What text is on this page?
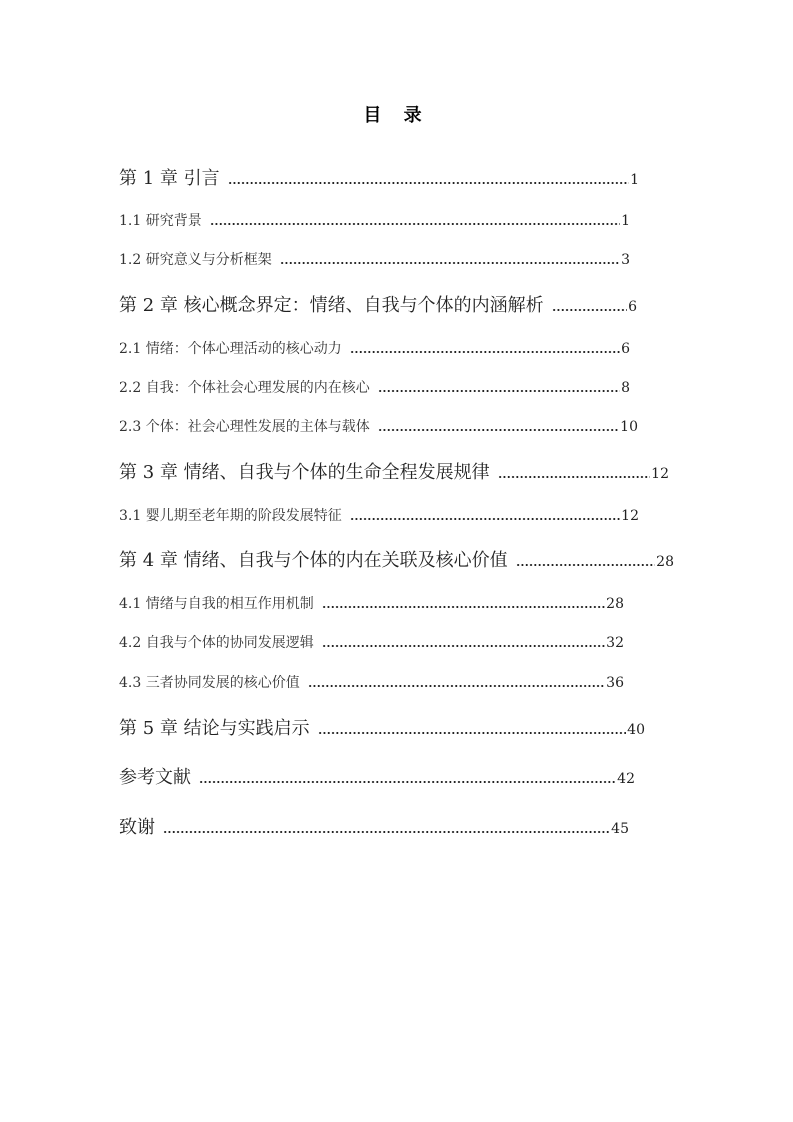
目 录
第 1 章 引言	1
1.1 研究背景	1
1.2 研究意义与分析框架	3
第 2 章 核心概念界定：情绪、自我与个体的内涵解析	6
2.1 情绪：个体心理活动的核心动力	6
2.2 自我：个体社会心理发展的内在核心	8
2.3 个体：社会心理性发展的主体与载体	10
第 3 章 情绪、自我与个体的生命全程发展规律	12
3.1 婴儿期至老年期的阶段发展特征	12
第 4 章 情绪、自我与个体的内在关联及核心价值	28
4.1 情绪与自我的相互作用机制	28
4.2 自我与个体的协同发展逻辑	32
4.3 三者协同发展的核心价值	36
第 5 章 结论与实践启示	40
参考文献	42
致谢	45
